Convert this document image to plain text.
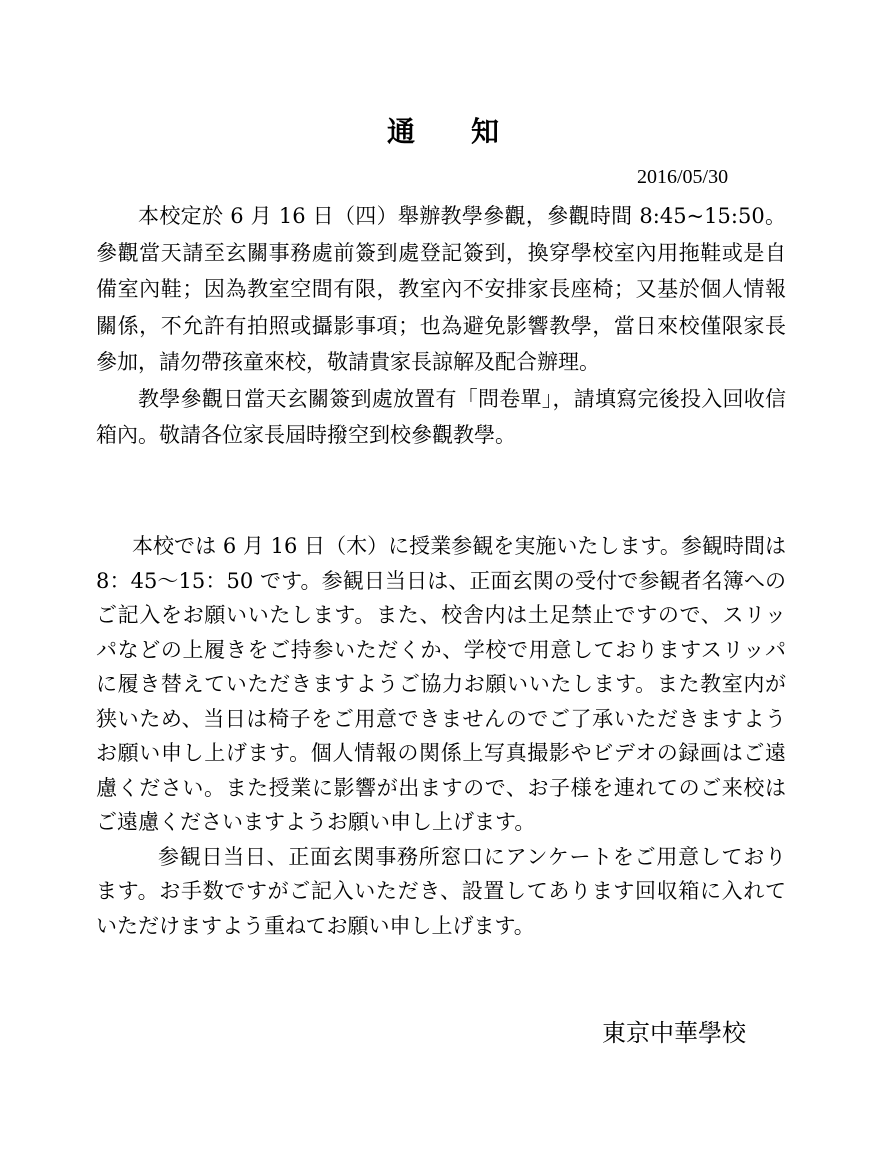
通 知
2016/05/30

本校定於 6 月 16 日（四）舉辦教學參觀，參觀時間 8:45~15:50。參觀當天請至玄關事務處前簽到處登記簽到，換穿學校室內用拖鞋或是自備室內鞋；因為教室空間有限，教室內不安排家長座椅；又基於個人情報關係，不允許有拍照或攝影事項；也為避免影響教學，當日來校僅限家長參加，請勿帶孩童來校，敬請貴家長諒解及配合辦理。

教學參觀日當天玄關簽到處放置有「問卷單」，請填寫完後投入回收信箱內。敬請各位家長屆時撥空到校參觀教學。

本校では 6 月 16 日（木）に授業参観を実施いたします。参観時間は 8：45～15：50 です。参観日当日は、正面玄関の受付で参観者名簿へのご記入をお願いいたします。また、校舎内は土足禁止ですので、スリッパなどの上履きをご持参いただくか、学校で用意しておりますスリッパに履き替えていただきますようご協力お願いいたします。また教室内が狭いため、当日は椅子をご用意できませんのでご了承いただきますようお願い申し上げます。個人情報の関係上写真撮影やビデオの録画はご遠慮ください。また授業に影響が出ますので、お子様を連れてのご来校はご遠慮くださいますようお願い申し上げます。

参観日当日、正面玄関事務所窓口にアンケートをご用意しております。お手数ですがご記入いただき、設置してあります回収箱に入れていただけますよう重ねてお願い申し上げます。

東京中華學校
